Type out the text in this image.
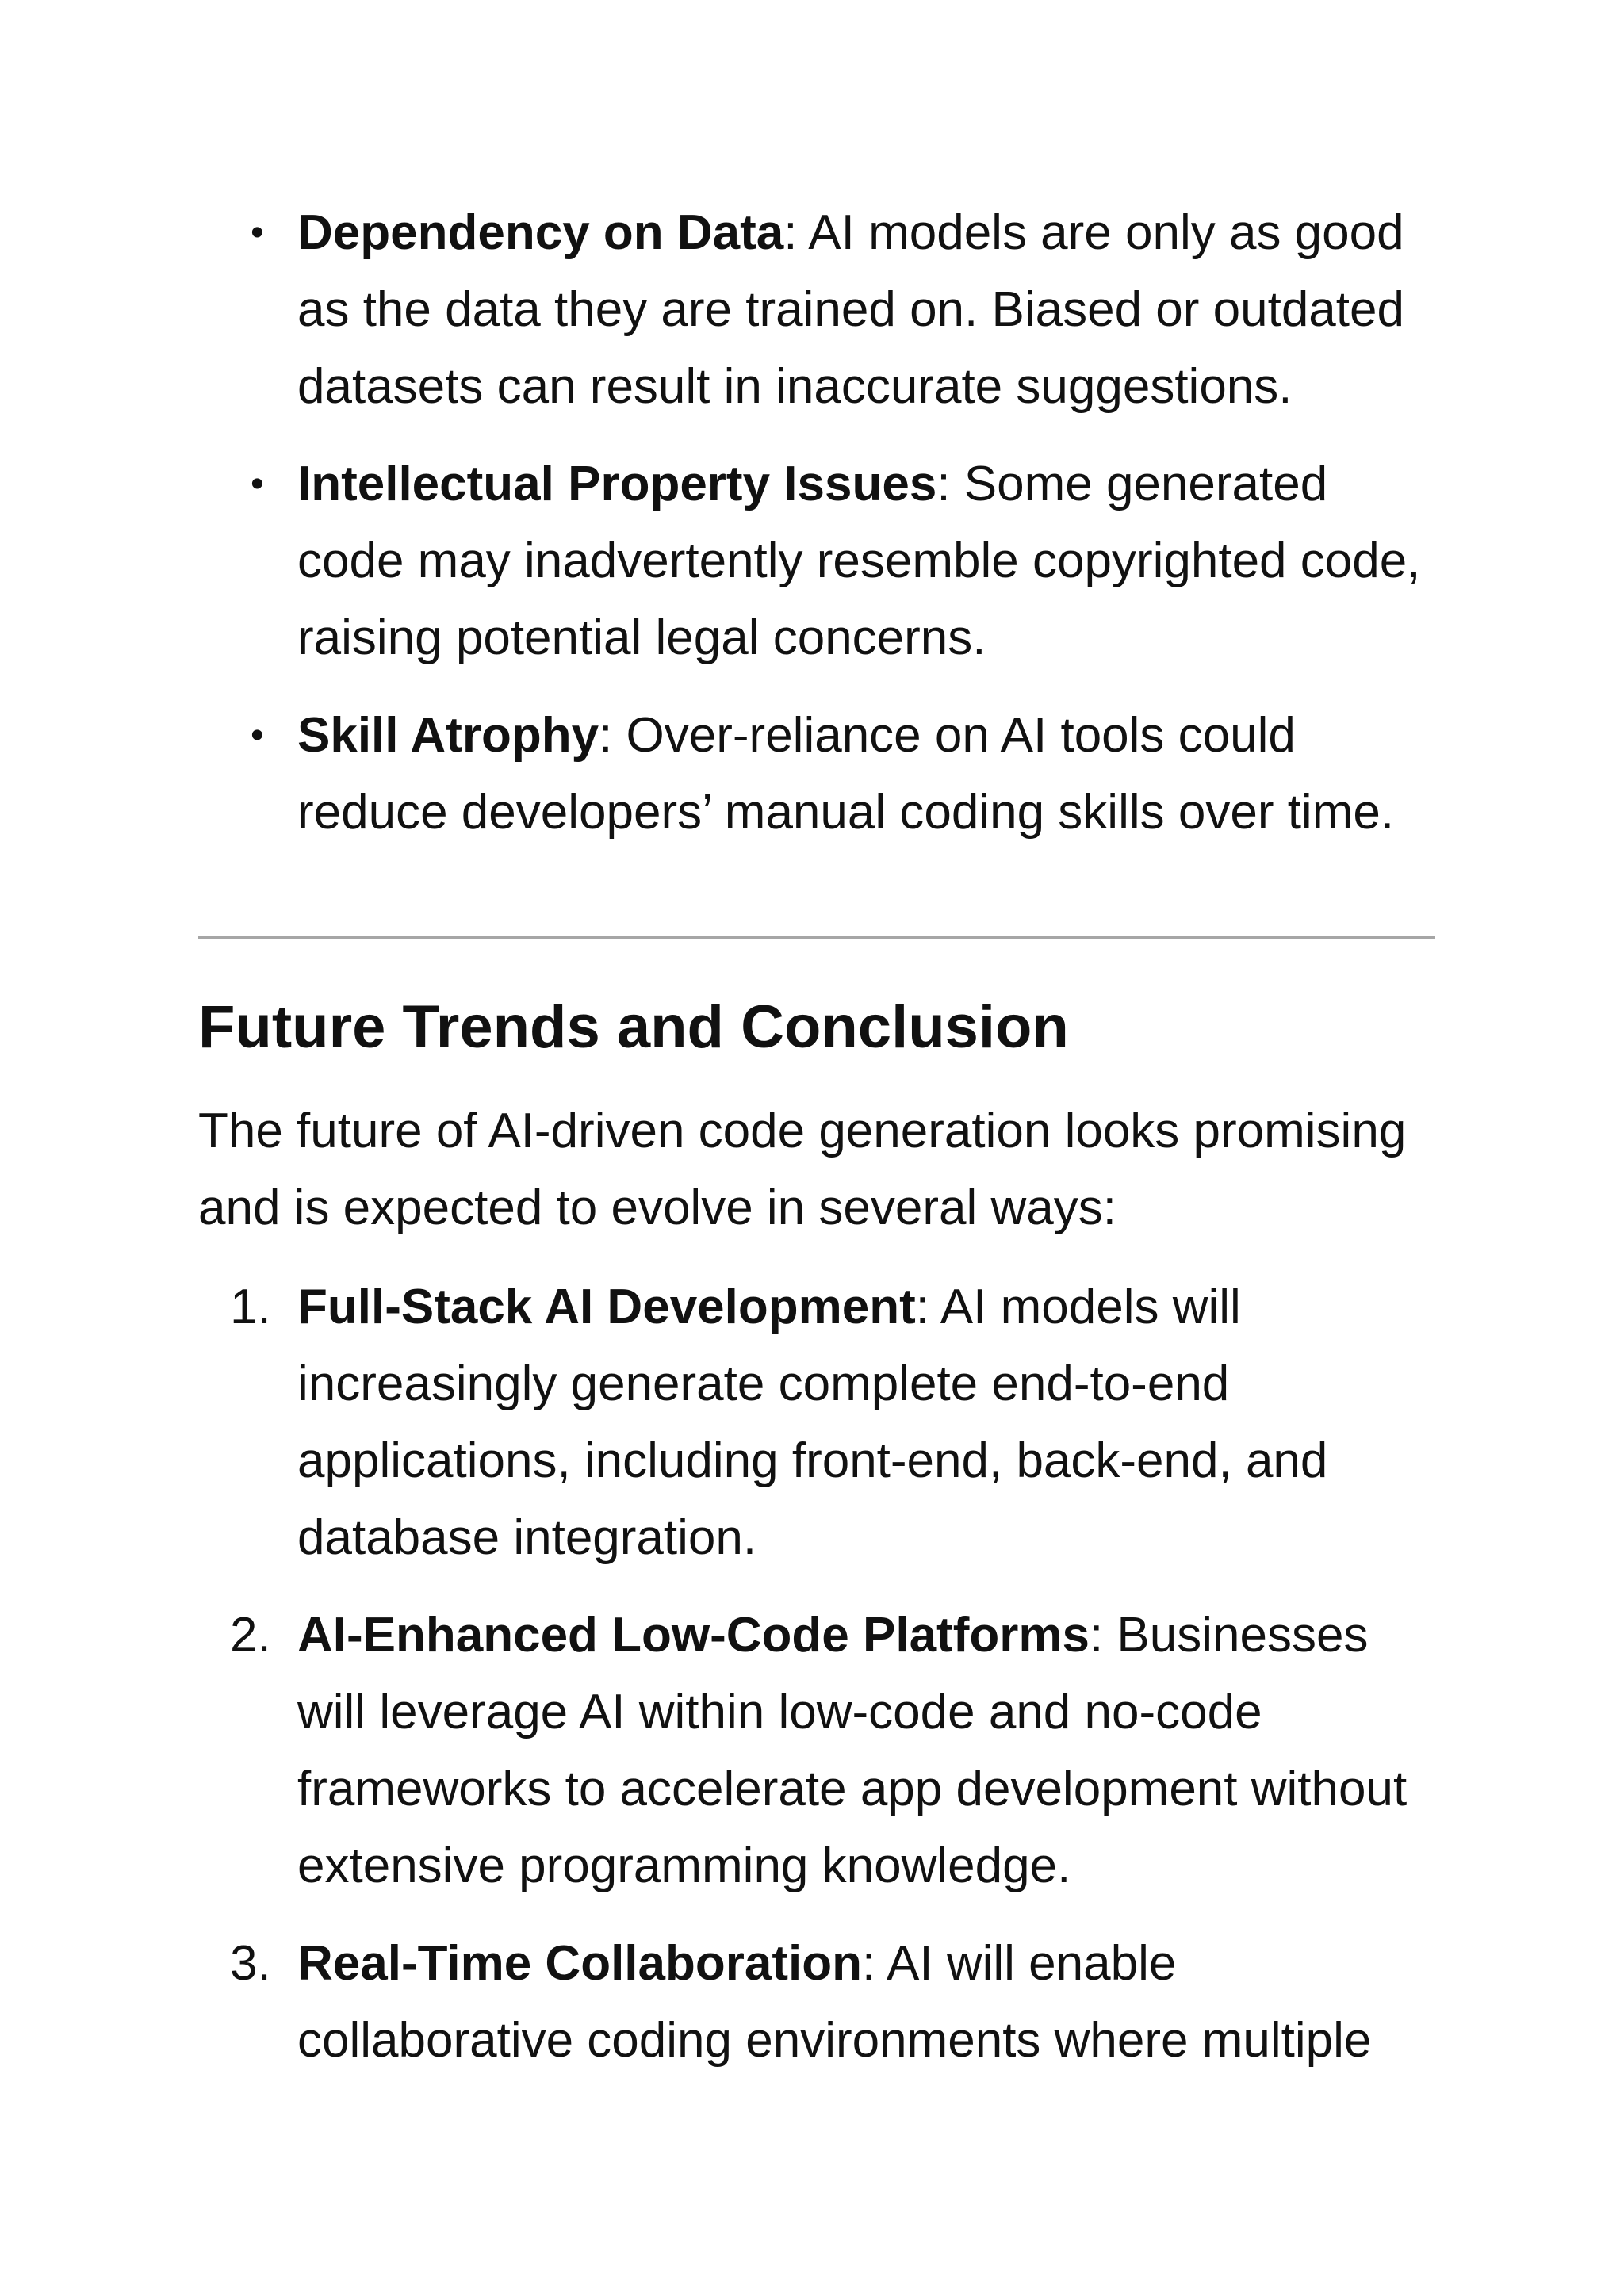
• Dependency on Data: AI models are only as good as the data they are trained on. Biased or outdated datasets can result in inaccurate suggestions.
• Intellectual Property Issues: Some generated code may inadvertently resemble copyrighted code, raising potential legal concerns.
• Skill Atrophy: Over-reliance on AI tools could reduce developers’ manual coding skills over time.
Future Trends and Conclusion

The future of AI-driven code generation looks promising and is expected to evolve in several ways:

1. Full-Stack AI Development: AI models will increasingly generate complete end-to-end applications, including front-end, back-end, and database integration.
2. AI-Enhanced Low-Code Platforms: Businesses will leverage AI within low-code and no-code frameworks to accelerate app development without extensive programming knowledge.
3. Real-Time Collaboration: AI will enable collaborative coding environments where multiple
